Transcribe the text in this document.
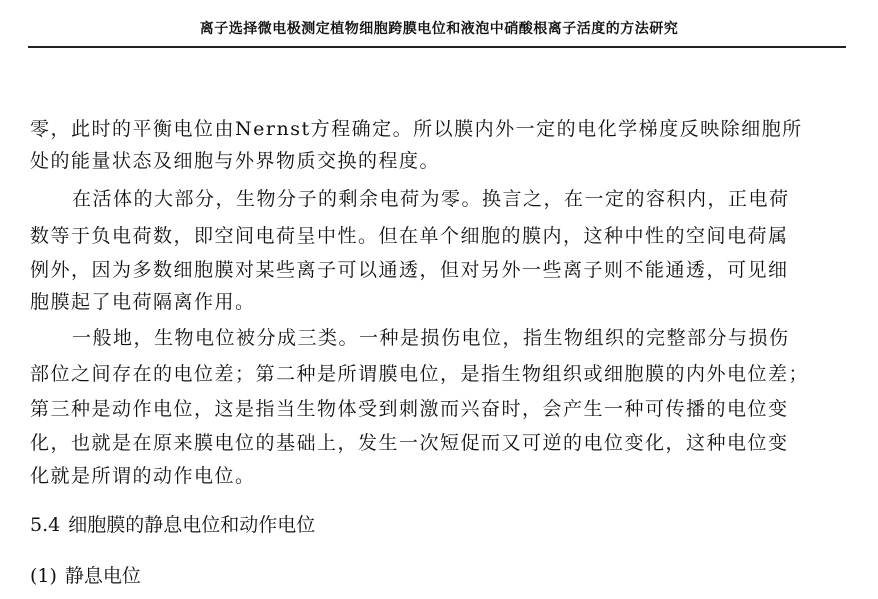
离子选择微电极测定植物细胞跨膜电位和液泡中硝酸根离子活度的方法研究
零，此时的平衡电位由Nernst方程确定。所以膜内外一定的电化学梯度反映除细胞所
处的能量状态及细胞与外界物质交换的程度。
在活体的大部分，生物分子的剩余电荷为零。换言之，在一定的容积内，正电荷
数等于负电荷数，即空间电荷呈中性。但在单个细胞的膜内，这种中性的空间电荷属
例外，因为多数细胞膜对某些离子可以通透，但对另外一些离子则不能通透，可见细
胞膜起了电荷隔离作用。
一般地，生物电位被分成三类。一种是损伤电位，指生物组织的完整部分与损伤
部位之间存在的电位差；第二种是所谓膜电位，是指生物组织或细胞膜的内外电位差；
第三种是动作电位，这是指当生物体受到刺激而兴奋时，会产生一种可传播的电位变
化，也就是在原来膜电位的基础上，发生一次短促而又可逆的电位变化，这种电位变
化就是所谓的动作电位。
5.4 细胞膜的静息电位和动作电位
(1) 静息电位
